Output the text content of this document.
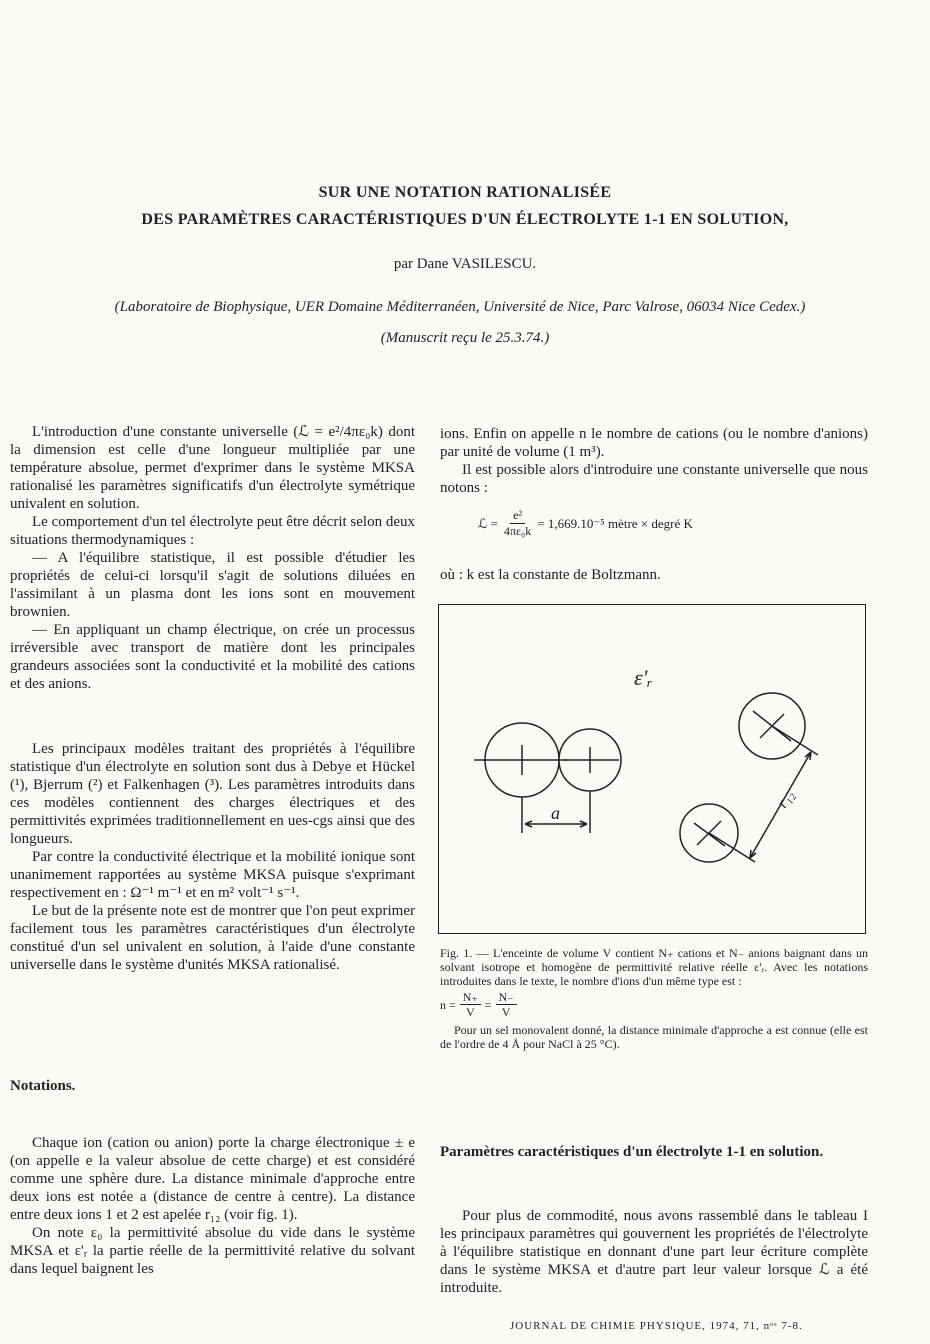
SUR UNE NOTATION RATIONALISÉE
DES PARAMÈTRES CARACTÉRISTIQUES D'UN ÉLECTROLYTE 1-1 EN SOLUTION,
par Dane VASILESCU.
(Laboratoire de Biophysique, UER Domaine Méditerranéen, Université de Nice, Parc Valrose, 06034 Nice Cedex.)
(Manuscrit reçu le 25.3.74.)

L'introduction d'une constante universelle (ℒ = e²/4πε₀k) dont la dimension est celle d'une longueur multipliée par une température absolue, permet d'exprimer dans le système MKSA rationalisé les paramètres significatifs d'un électrolyte symétrique univalent en solution.

Le comportement d'un tel électrolyte peut être décrit selon deux situations thermodynamiques :

— A l'équilibre statistique, il est possible d'étudier les propriétés de celui-ci lorsqu'il s'agit de solutions diluées en l'assimilant à un plasma dont les ions sont en mouvement brownien.

— En appliquant un champ électrique, on crée un processus irréversible avec transport de matière dont les principales grandeurs associées sont la conductivité et la mobilité des cations et des anions.

Les principaux modèles traitant des propriétés à l'équilibre statistique d'un électrolyte en solution sont dus à Debye et Hückel (¹), Bjerrum (²) et Falkenhagen (³). Les paramètres introduits dans ces modèles contiennent des charges électriques et des permittivités exprimées traditionnellement en ues-cgs ainsi que des longueurs.

Par contre la conductivité électrique et la mobilité ionique sont unanimement rapportées au système MKSA puisque s'exprimant respectivement en : Ω⁻¹ m⁻¹ et en m² volt⁻¹ s⁻¹.

Le but de la présente note est de montrer que l'on peut exprimer facilement tous les paramètres caractéristiques d'un électrolyte constitué d'un sel univalent en solution, à l'aide d'une constante universelle dans le système d'unités MKSA rationalisé.

Notations.

Chaque ion (cation ou anion) porte la charge électronique ± e (on appelle e la valeur absolue de cette charge) et est considéré comme une sphère dure. La distance minimale d'approche entre deux ions est notée a (distance de centre à centre). La distance entre deux ions 1 et 2 est apelée r₁₂ (voir fig. 1).

On note ε₀ la permittivité absolue du vide dans le système MKSA et ε'ᵣ la partie réelle de la permittivité relative du solvant dans lequel baignent les

ions. Enfin on appelle n le nombre de cations (ou le nombre d'anions) par unité de volume (1 m³).

Il est possible alors d'introduire une constante universelle que nous notons :

ℒ = $\frac{\text{e²}}{\text{4πε₀k}} = 1,669.10^{-5}$ mètre × degré K

où : k est la constante de Boltzmann.

ε'ᵣ
a
r₁₂

Fig. 1. — L'enceinte de volume V contient N₊ cations et N₋ anions baignant dans un solvant isotrope et homogène de permittivité relative réelle ε'ᵣ. Avec les notations introduites dans le texte, le nombre d'ions d'un même type est :

$n = \frac{N_+}{V} = \frac{N_-}{V}$

Pour un sel monovalent donné, la distance minimale d'approche a est connue (elle est de l'ordre de 4 Å pour NaCl à 25 °C).

Paramètres caractéristiques d'un électrolyte 1-1 en solution.

Pour plus de commodité, nous avons rassemblé dans le tableau I les principaux paramètres qui gouvernent les propriétés de l'électrolyte à l'équilibre statistique en donnant d'une part leur écriture complète dans le système MKSA et d'autre part leur valeur lorsque ℒ a été introduite.

JOURNAL DE CHIMIE PHYSIQUE, 1974, 71, nᵒˢ 7-8.
